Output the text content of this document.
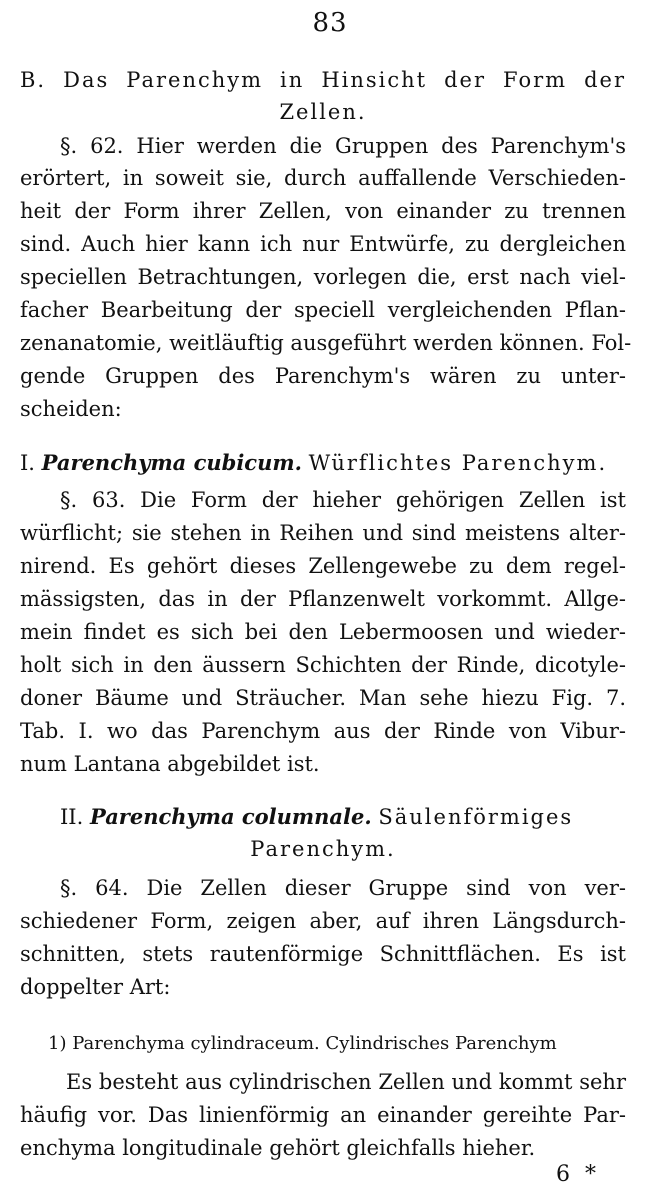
83
B. Das Parenchym in Hinsicht der Form der
Zellen.
§. 62. Hier werden die Gruppen des Parenchym's
erörtert, in soweit sie, durch auffallende Verschieden-
heit der Form ihrer Zellen, von einander zu trennen
sind. Auch hier kann ich nur Entwürfe, zu dergleichen
speciellen Betrachtungen, vorlegen die, erst nach viel-
facher Bearbeitung der speciell vergleichenden Pflan-
zenanatomie, weitläuftig ausgeführt werden können. Fol-
gende Gruppen des Parenchym's wären zu unter-
scheiden:
I. Parenchyma cubicum. Würflichtes Parenchym.
§. 63. Die Form der hieher gehörigen Zellen ist
würflicht; sie stehen in Reihen und sind meistens alter-
nirend. Es gehört dieses Zellengewebe zu dem regel-
mässigsten, das in der Pflanzenwelt vorkommt. Allge-
mein findet es sich bei den Lebermoosen und wieder-
holt sich in den äussern Schichten der Rinde, dicotyle-
doner Bäume und Sträucher. Man sehe hiezu Fig. 7.
Tab. I. wo das Parenchym aus der Rinde von Vibur-
num Lantana abgebildet ist.
II. Parenchyma columnale. Säulenförmiges
Parenchym.
§. 64. Die Zellen dieser Gruppe sind von ver-
schiedener Form, zeigen aber, auf ihren Längsdurch-
schnitten, stets rautenförmige Schnittflächen. Es ist
doppelter Art:
1) Parenchyma cylindraceum. Cylindrisches Parenchym
Es besteht aus cylindrischen Zellen und kommt sehr
häufig vor. Das linienförmig an einander gereihte Par-
enchyma longitudinale gehört gleichfalls hieher.
6 *
